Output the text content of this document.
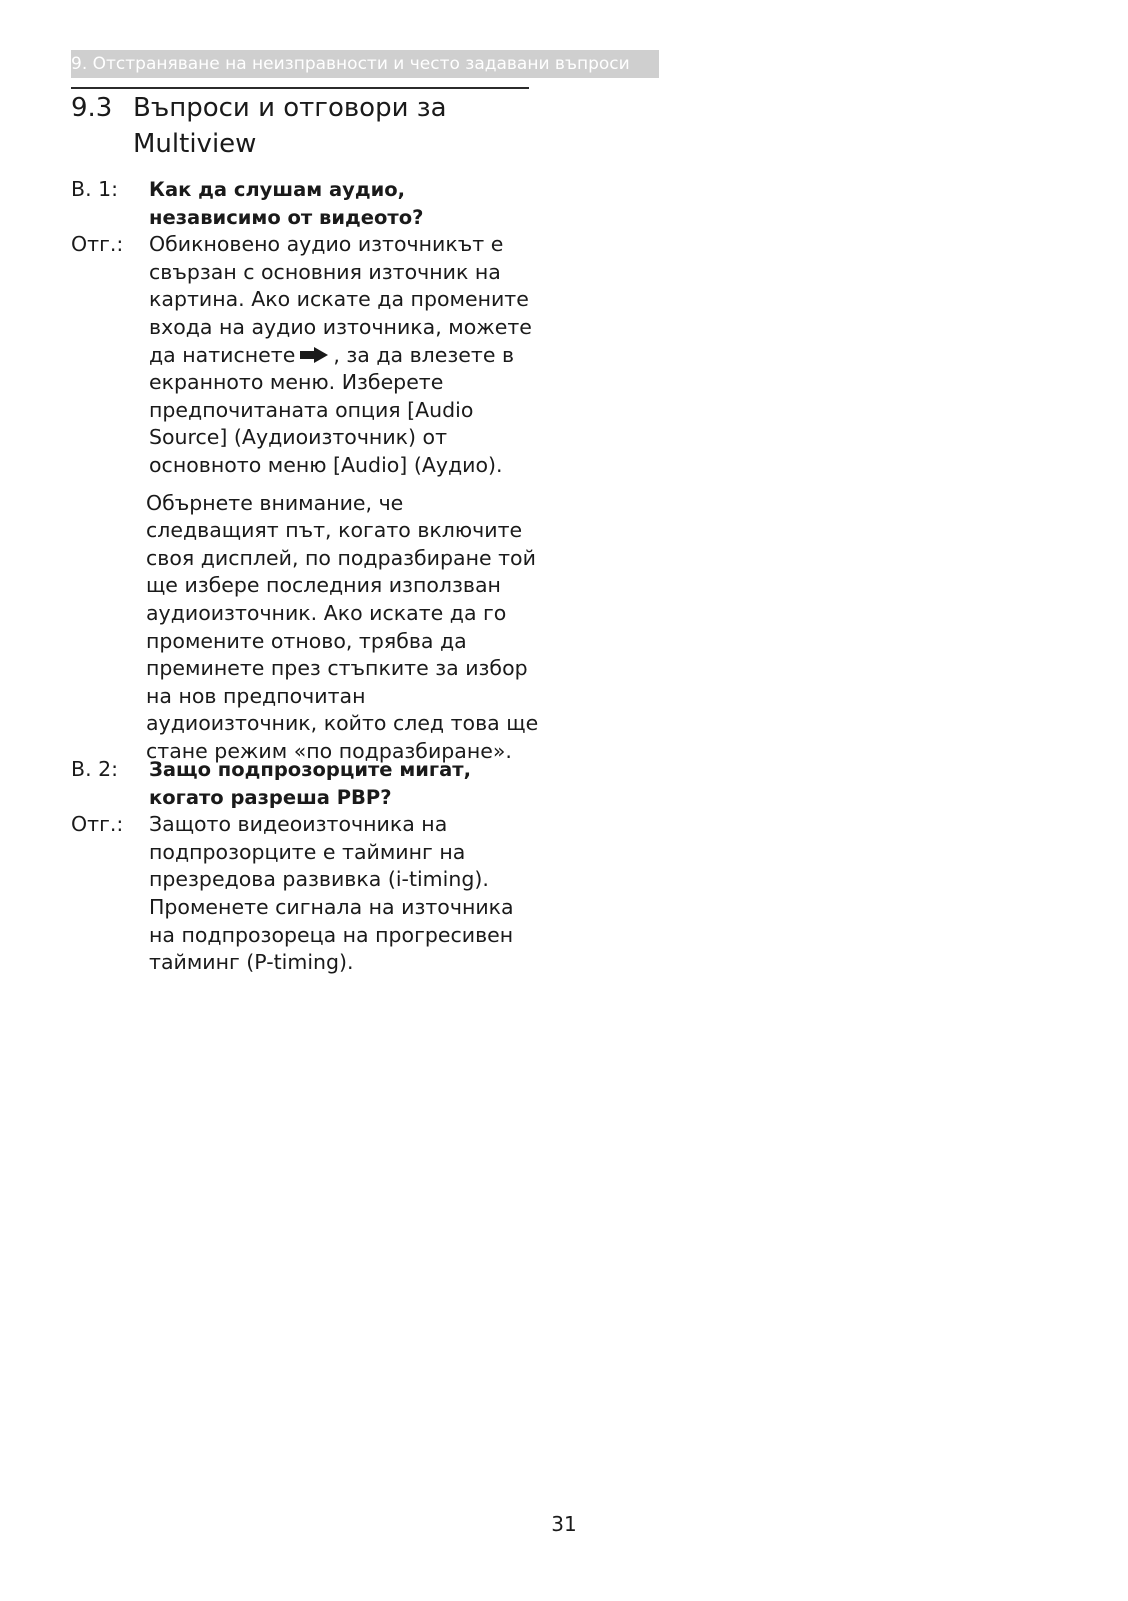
9. Отстраняване на неизправности и често задавани въпроси
9.3 Въпроси и отговори за Multiview

В. 1:	Как да слушам аудио, независимо от видеото?

Отг.:	Обикновено аудио източникът е свързан с основния източник на картина. Ако искате да промените входа на аудио източника, можете да натиснете , за да влезете в екранното меню. Изберете предпочитаната опция [Audio Source] (Аудиоизточник) от основното меню [Audio] (Аудио).

Обърнете внимание, че следващият път, когато включите своя дисплей, по подразбиране той ще избере последния използван аудиоизточник. Ако искате да го промените отново, трябва да преминете през стъпките за избор на нов предпочитан аудиоизточник, който след това ще стане режим «по подразбиране».

В. 2:	Защо подпрозорците мигат, когато разреша PBP?

Отг.:	Защото видеоизточника на подпрозорците е тайминг на презредова развивка (i-timing). Променете сигнала на източника на подпрозореца на прогресивен тайминг (P-timing).

31
